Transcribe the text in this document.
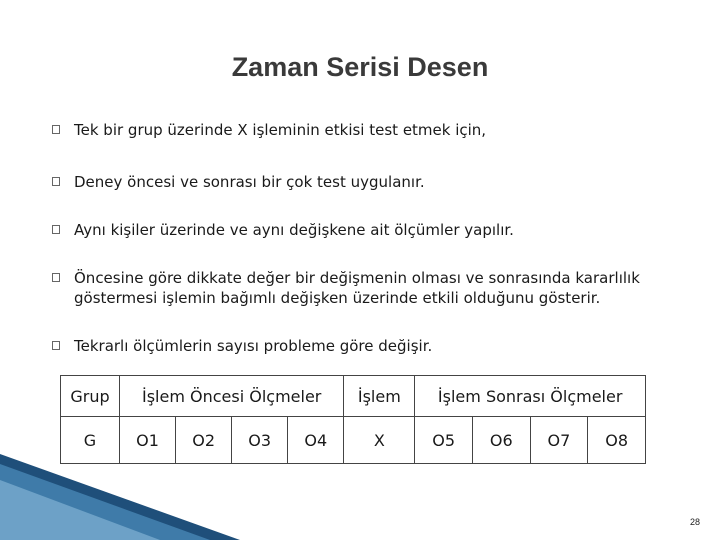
Zaman Serisi Desen
Tek bir grup üzerinde X işleminin etkisi test etmek için,
Deney öncesi ve sonrası bir çok test uygulanır.
Aynı kişiler üzerinde ve aynı değişkene ait ölçümler yapılır.
Öncesine göre dikkate değer bir değişmenin olması ve sonrasında kararlılık göstermesi işlemin bağımlı değişken üzerinde etkili olduğunu gösterir.
Tekrarlı ölçümlerin sayısı probleme göre değişir.
Grup	İşlem Öncesi Ölçmeler				İşlem	İşlem Sonrası Ölçmeler			
G	O1	O2	O3	O4	X	O5	O6	O7	O8
28
